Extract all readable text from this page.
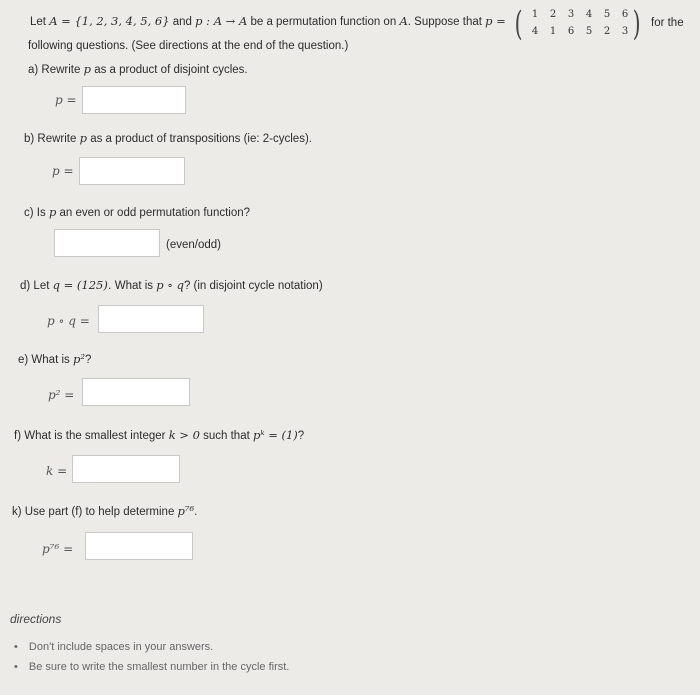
Let A = {1, 2, 3, 4, 5, 6} and p : A → A be a permutation function on A. Suppose that p = ( 1	2	3	4	5	6
4	1	6	5	2	3 ) for the
following questions. (See directions at the end of the question.)
a) Rewrite p as a product of disjoint cycles.
p =
b) Rewrite p as a product of transpositions (ie: 2-cycles).
p =
c) Is p an even or odd permutation function?
(even/odd)
d) Let q = (125). What is p ∘ q? (in disjoint cycle notation)
p ∘ q =
e) What is p²?
p² =
f) What is the smallest integer k > 0 such that pᵏ = (1)?
k =
k) Use part (f) to help determine p⁷⁶.
p⁷⁶ =
directions
• Don't include spaces in your answers.
• Be sure to write the smallest number in the cycle first.
